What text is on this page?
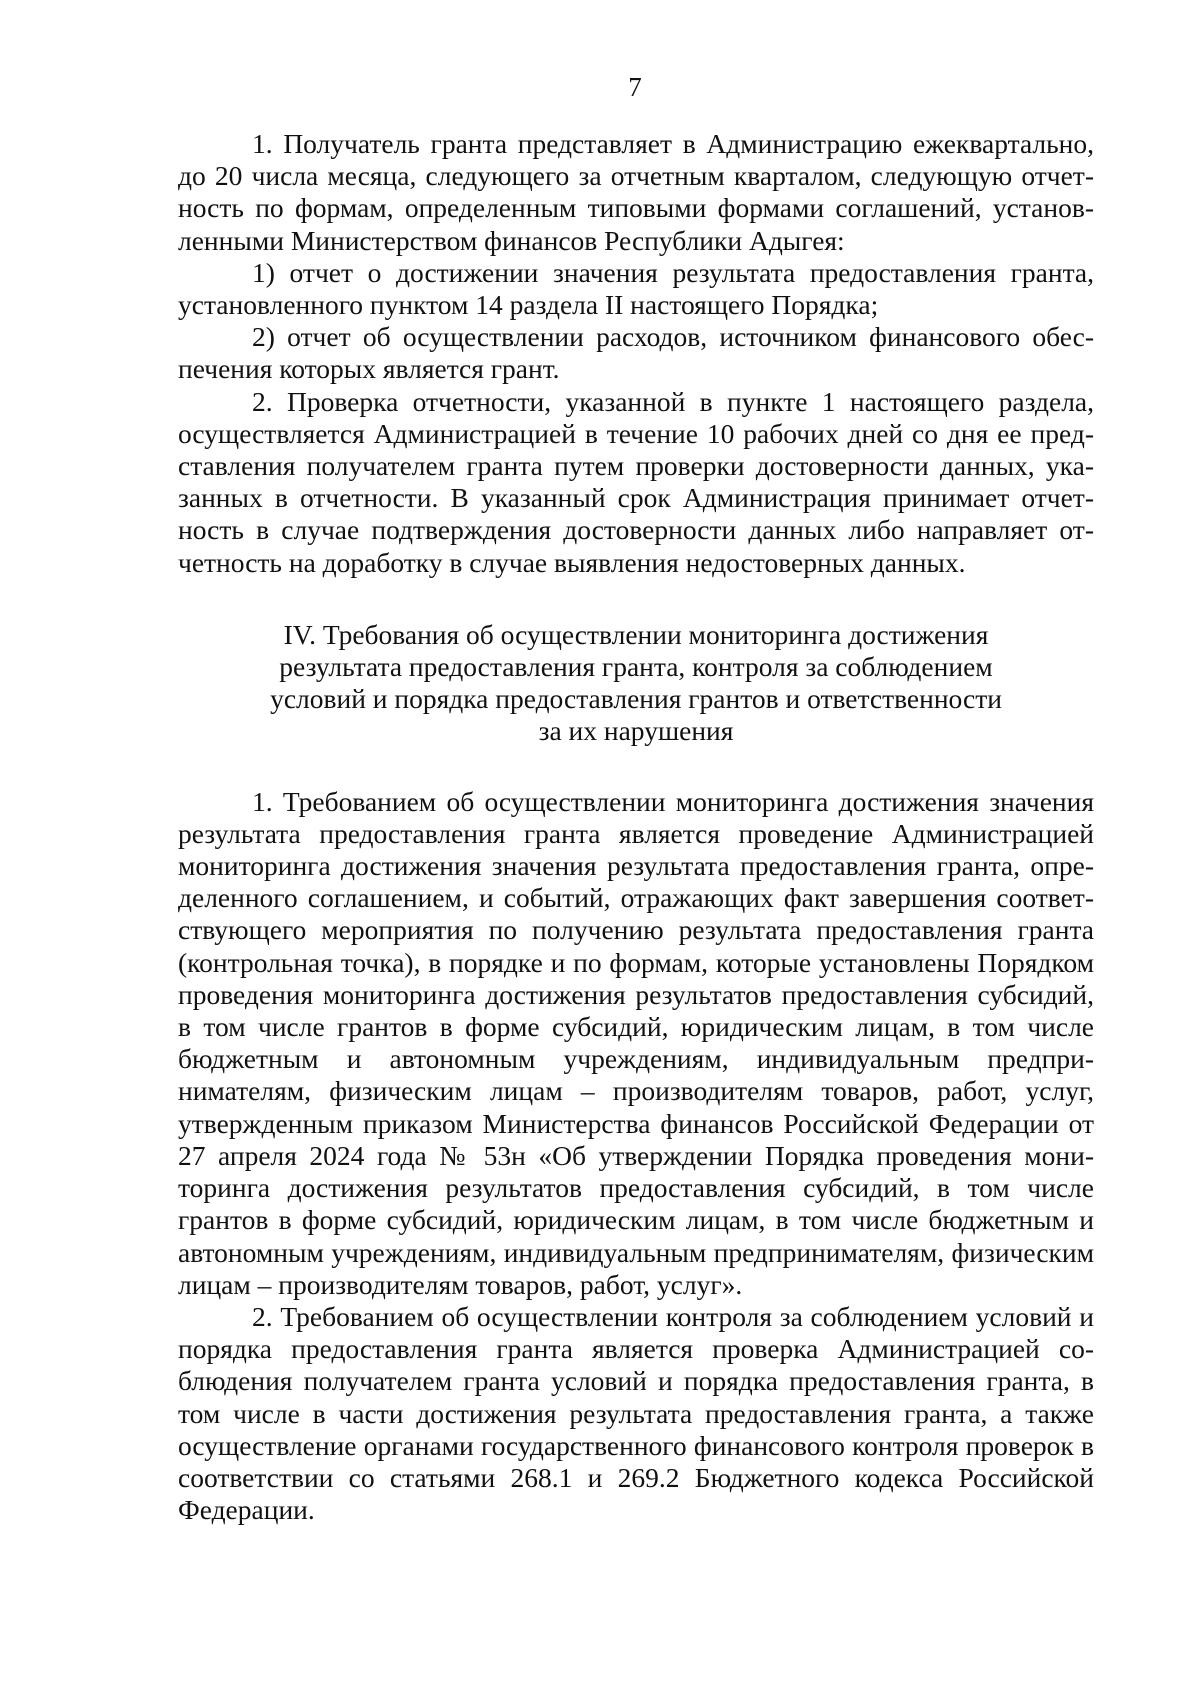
7

1. Получатель гранта представляет в Администрацию ежеквартально, до 20 числа месяца, следующего за отчетным кварталом, следующую отчетность по формам, определенным типовыми формами соглашений, установленными Министерством финансов Республики Адыгея:

1) отчет о достижении значения результата предоставления гранта, установленного пунктом 14 раздела II настоящего Порядка;

2) отчет об осуществлении расходов, источником финансового обеспечения которых является грант.

2. Проверка отчетности, указанной в пункте 1 настоящего раздела, осуществляется Администрацией в течение 10 рабочих дней со дня ее представления получателем гранта путем проверки достоверности данных, указанных в отчетности. В указанный срок Администрация принимает отчетность в случае подтверждения достоверности данных либо направляет отчетность на доработку в случае выявления недостоверных данных.

IV. Требования об осуществлении мониторинга достижения
результата предоставления гранта, контроля за соблюдением
условий и порядка предоставления грантов и ответственности
за их нарушения

1. Требованием об осуществлении мониторинга достижения значения результата предоставления гранта является проведение Администрацией мониторинга достижения значения результата предоставления гранта, определенного соглашением, и событий, отражающих факт завершения соответствующего мероприятия по получению результата предоставления гранта (контрольная точка), в порядке и по формам, которые установлены Порядком проведения мониторинга достижения результатов предоставления субсидий, в том числе грантов в форме субсидий, юридическим лицам, в том числе бюджетным и автономным учреждениям, индивидуальным предпринимателям, физическим лицам – производителям товаров, работ, услуг, утвержденным приказом Министерства финансов Российской Федерации от 27 апреля 2024 года № 53н «Об утверждении Порядка проведения мониторинга достижения результатов предоставления субсидий, в том числе грантов в форме субсидий, юридическим лицам, в том числе бюджетным и автономным учреждениям, индивидуальным предпринимателям, физическим лицам – производителям товаров, работ, услуг».

2. Требованием об осуществлении контроля за соблюдением условий и порядка предоставления гранта является проверка Администрацией соблюдения получателем гранта условий и порядка предоставления гранта, в том числе в части достижения результата предоставления гранта, а также осуществление органами государственного финансового контроля проверок в соответствии со статьями 268.1 и 269.2 Бюджетного кодекса Российской Федерации.
